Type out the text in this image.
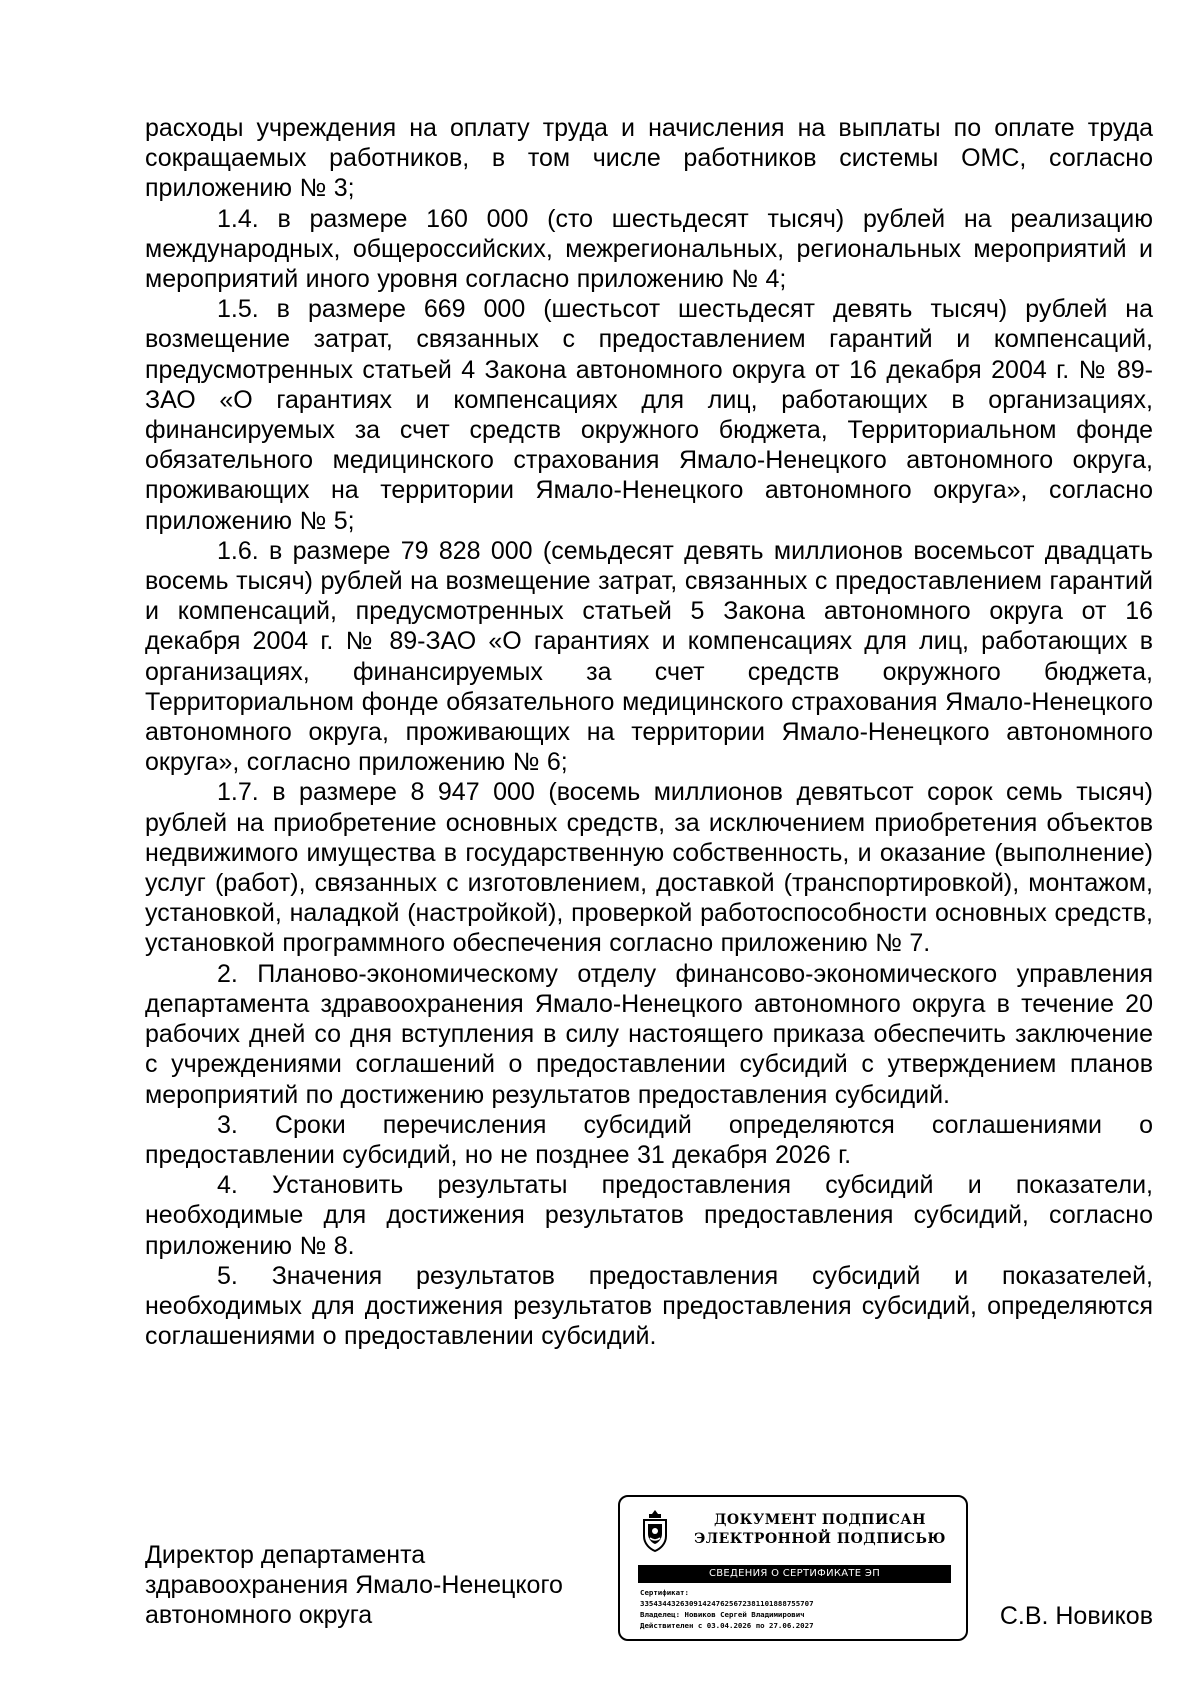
расходы учреждения на оплату труда и начисления на выплаты по оплате труда сокращаемых работников, в том числе работников системы ОМС, согласно приложению № 3;

1.4. в размере 160 000 (сто шестьдесят тысяч) рублей на реализацию международных, общероссийских, межрегиональных, региональных мероприятий и мероприятий иного уровня согласно приложению № 4;

1.5. в размере 669 000 (шестьсот шестьдесят девять тысяч) рублей на возмещение затрат, связанных с предоставлением гарантий и компенсаций, предусмотренных статьей 4 Закона автономного округа от 16 декабря 2004 г. № 89-ЗАО «О гарантиях и компенсациях для лиц, работающих в организациях, финансируемых за счет средств окружного бюджета, Территориальном фонде обязательного медицинского страхования Ямало-Ненецкого автономного округа, проживающих на территории Ямало-Ненецкого автономного округа», согласно приложению № 5;

1.6. в размере 79 828 000 (семьдесят девять миллионов восемьсот двадцать восемь тысяч) рублей на возмещение затрат, связанных с предоставлением гарантий и компенсаций, предусмотренных статьей 5 Закона автономного округа от 16 декабря 2004 г. № 89-ЗАО «О гарантиях и компенсациях для лиц, работающих в организациях, финансируемых за счет средств окружного бюджета, Территориальном фонде обязательного медицинского страхования Ямало-Ненецкого автономного округа, проживающих на территории Ямало-Ненецкого автономного округа», согласно приложению № 6;

1.7. в размере 8 947 000 (восемь миллионов девятьсот сорок семь тысяч) рублей на приобретение основных средств, за исключением приобретения объектов недвижимого имущества в государственную собственность, и оказание (выполнение) услуг (работ), связанных с изготовлением, доставкой (транспортировкой), монтажом, установкой, наладкой (настройкой), проверкой работоспособности основных средств, установкой программного обеспечения согласно приложению № 7.

2. Планово-экономическому отделу финансово-экономического управления департамента здравоохранения Ямало-Ненецкого автономного округа в течение 20 рабочих дней со дня вступления в силу настоящего приказа обеспечить заключение с учреждениями соглашений о предоставлении субсидий с утверждением планов мероприятий по достижению результатов предоставления субсидий.

3. Сроки перечисления субсидий определяются соглашениями о предоставлении субсидий, но не позднее 31 декабря 2026 г.

4. Установить результаты предоставления субсидий и показатели, необходимые для достижения результатов предоставления субсидий, согласно приложению № 8.

5. Значения результатов предоставления субсидий и показателей, необходимых для достижения результатов предоставления субсидий, определяются соглашениями о предоставлении субсидий.

Директор департамента
здравоохранения Ямало-Ненецкого
автономного округа
ДОКУМЕНТ ПОДПИСАН
ЭЛЕКТРОННОЙ ПОДПИСЬЮ
СВЕДЕНИЯ О СЕРТИФИКАТЕ ЭП
Сертификат:
335434432630914247625672381101888755707
Владелец: Новиков Сергей Владимирович
Действителен с 03.04.2026 по 27.06.2027	С.В. Новиков
